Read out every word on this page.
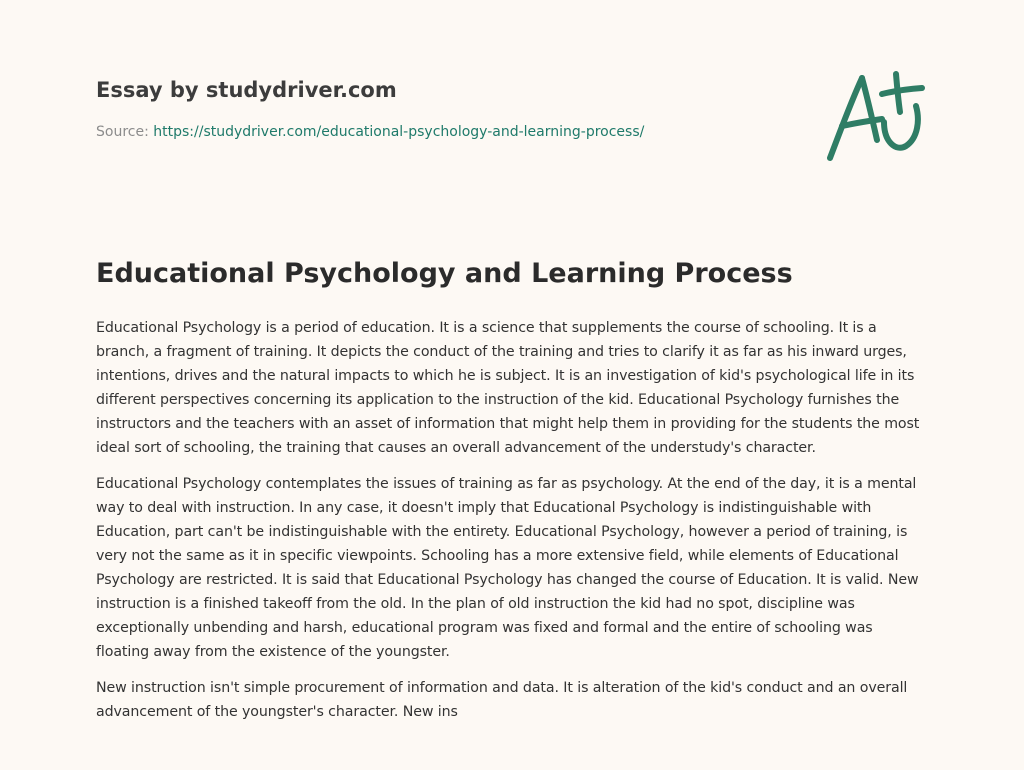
Essay by studydriver.com
Source: https://studydriver.com/educational-psychology-and-learning-process/
Educational Psychology and Learning Process

Educational Psychology is a period of education. It is a science that supplements the course of schooling. It is a branch, a fragment of training. It depicts the conduct of the training and tries to clarify it as far as his inward urges, intentions, drives and the natural impacts to which he is subject. It is an investigation of kid's psychological life in its different perspectives concerning its application to the instruction of the kid. Educational Psychology furnishes the instructors and the teachers with an asset of information that might help them in providing for the students the most ideal sort of schooling, the training that causes an overall advancement of the understudy's character.

Educational Psychology contemplates the issues of training as far as psychology. At the end of the day, it is a mental way to deal with instruction. In any case, it doesn't imply that Educational Psychology is indistinguishable with Education, part can't be indistinguishable with the entirety. Educational Psychology, however a period of training, is very not the same as it in specific viewpoints. Schooling has a more extensive field, while elements of Educational Psychology are restricted. It is said that Educational Psychology has changed the course of Education. It is valid. New instruction is a finished takeoff from the old. In the plan of old instruction the kid had no spot, discipline was exceptionally unbending and harsh, educational program was fixed and formal and the entire of schooling was floating away from the existence of the youngster.

New instruction isn't simple procurement of information and data. It is alteration of the kid's conduct and an overall advancement of the youngster's character. New ins
